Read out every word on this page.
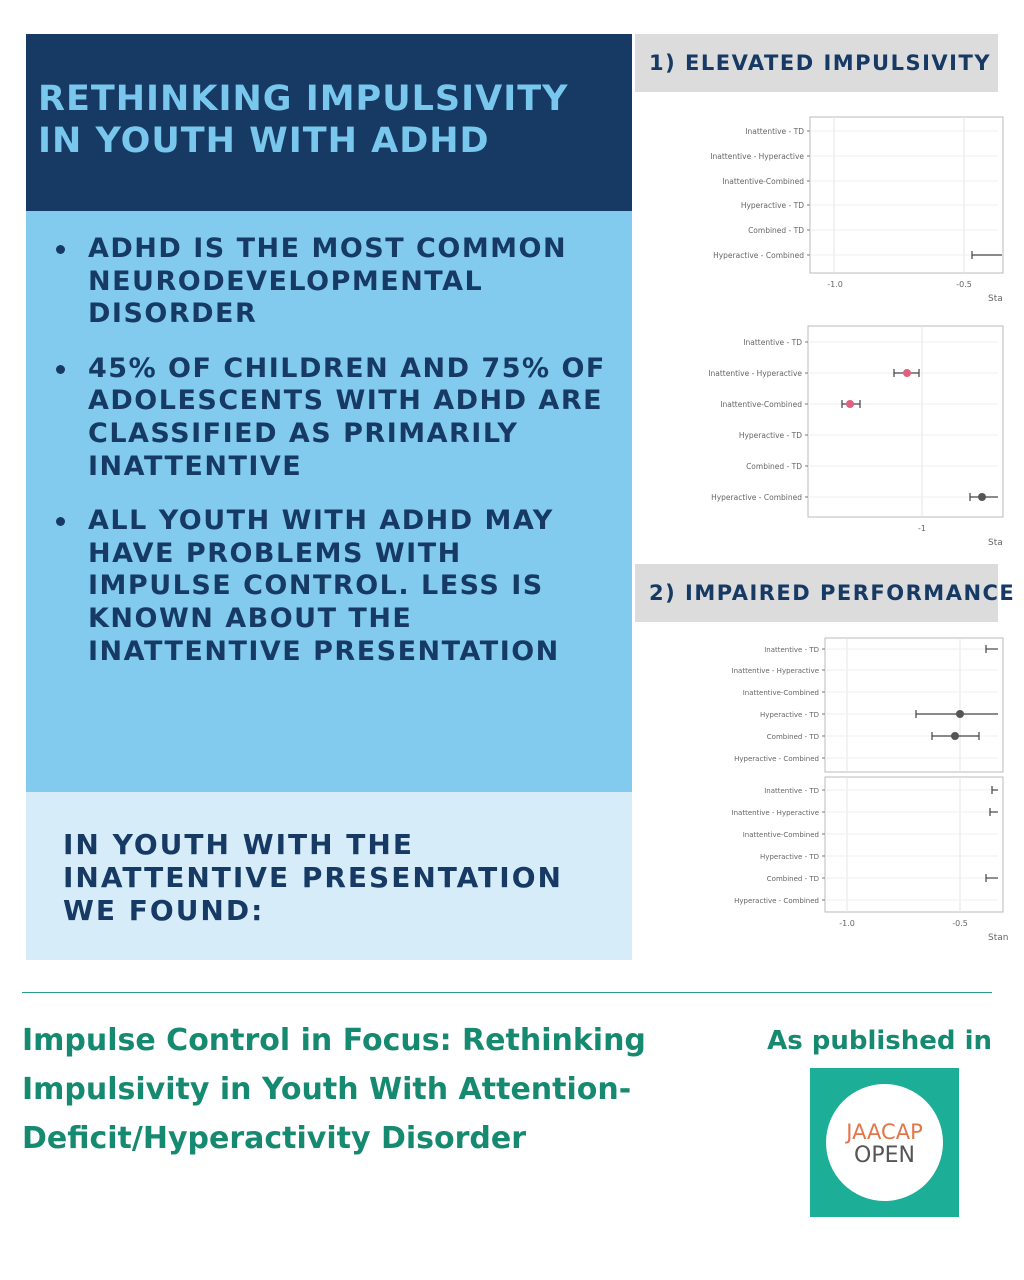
RETHINKING IMPULSIVITY IN YOUTH WITH ADHD
ADHD IS THE MOST COMMON NEURODEVELOPMENTAL DISORDER
45% OF CHILDREN AND 75% OF ADOLESCENTS WITH ADHD ARE CLASSIFIED AS PRIMARILY INATTENTIVE
ALL YOUTH WITH ADHD MAY HAVE PROBLEMS WITH IMPULSE CONTROL. LESS IS KNOWN ABOUT THE INATTENTIVE PRESENTATION

IN YOUTH WITH THE INATTENTIVE PRESENTATION WE FOUND:

1) ELEVATED IMPULSIVITY
Inattentive - TD
Inattentive - Hyperactive
Inattentive-Combined
Hyperactive - TD
Combined - TD
Hyperactive - Combined
-1.0	-0.5
Sta
Inattentive - TD
Inattentive - Hyperactive
Inattentive-Combined
Hyperactive - TD
Combined - TD
Hyperactive - Combined
-1
Sta
Inattentive - TD
Inattentive - Hyperactive
Inattentive-Combined
Hyperactive - TD
Combined - TD
Hyperactive - Combined
Inattentive - TD
Inattentive - Hyperactive
Inattentive-Combined
Hyperactive - TD
Combined - TD
Hyperactive - Combined
-1.0	-0.5
Stan
2) IMPAIRED PERFORMANCE

Impulse Control in Focus: Rethinking Impulsivity in Youth With Attention-Deficit/Hyperactivity Disorder

As published in
JAACAP
OPEN
